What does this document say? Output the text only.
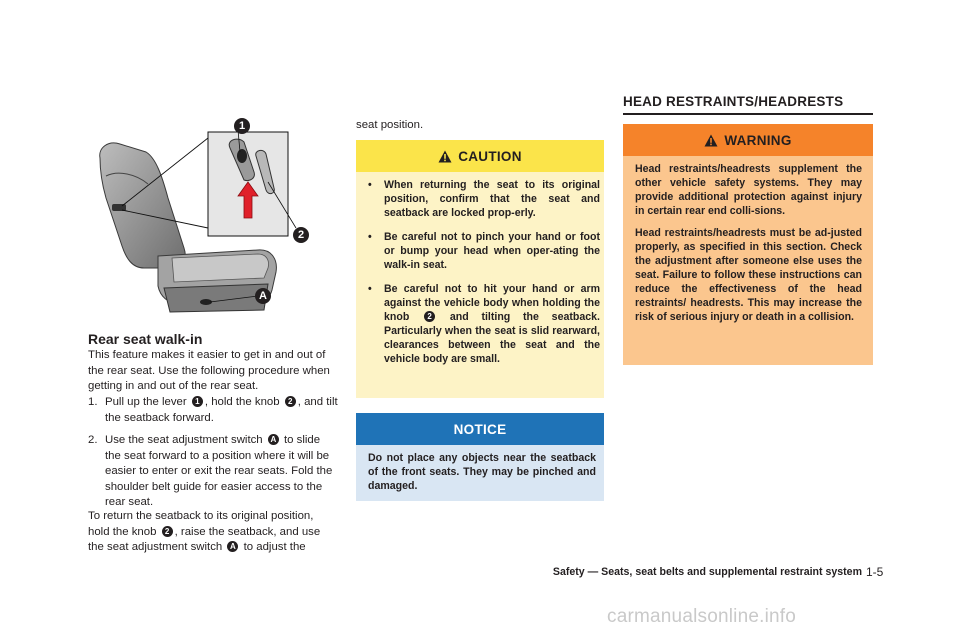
1
2
A
Rear seat walk-in
This feature makes it easier to get in and out of the rear seat. Use the following procedure when getting in and out of the rear seat.
1. Pull up the lever 1 , hold the knob 2 , and tilt the seatback forward.
2. Use the seat adjustment switch A to slide the seat forward to a position where it will be easier to enter or exit the rear seats. Fold the shoulder belt guide for easier access to the rear seat.
To return the seatback to its original position, hold the knob 2 , raise the seatback, and use the seat adjustment switch A to adjust the
seat position.
CAUTION
• When returning the seat to its original position, confirm that the seat and seatback are locked prop-erly.
• Be careful not to pinch your hand or foot or bump your head when oper-ating the walk-in seat.
• Be careful not to hit your hand or arm against the vehicle body when holding the knob 2 and tilting the seatback. Particularly when the seat is slid rearward, clearances between the seat and the vehicle body are small.
NOTICE
Do not place any objects near the seatback of the front seats. They may be pinched and damaged.
HEAD RESTRAINTS/HEADRESTS
WARNING

Head restraints/headrests supplement the other vehicle safety systems. They may provide additional protection against injury in certain rear end colli-sions.

Head restraints/headrests must be ad-justed properly, as specified in this section. Check the adjustment after someone else uses the seat. Failure to follow these instructions can reduce the effectiveness of the head restraints/ headrests. This may increase the risk of serious injury or death in a collision.

Safety — Seats, seat belts and supplemental restraint system 1-5
carmanualsonline.info
